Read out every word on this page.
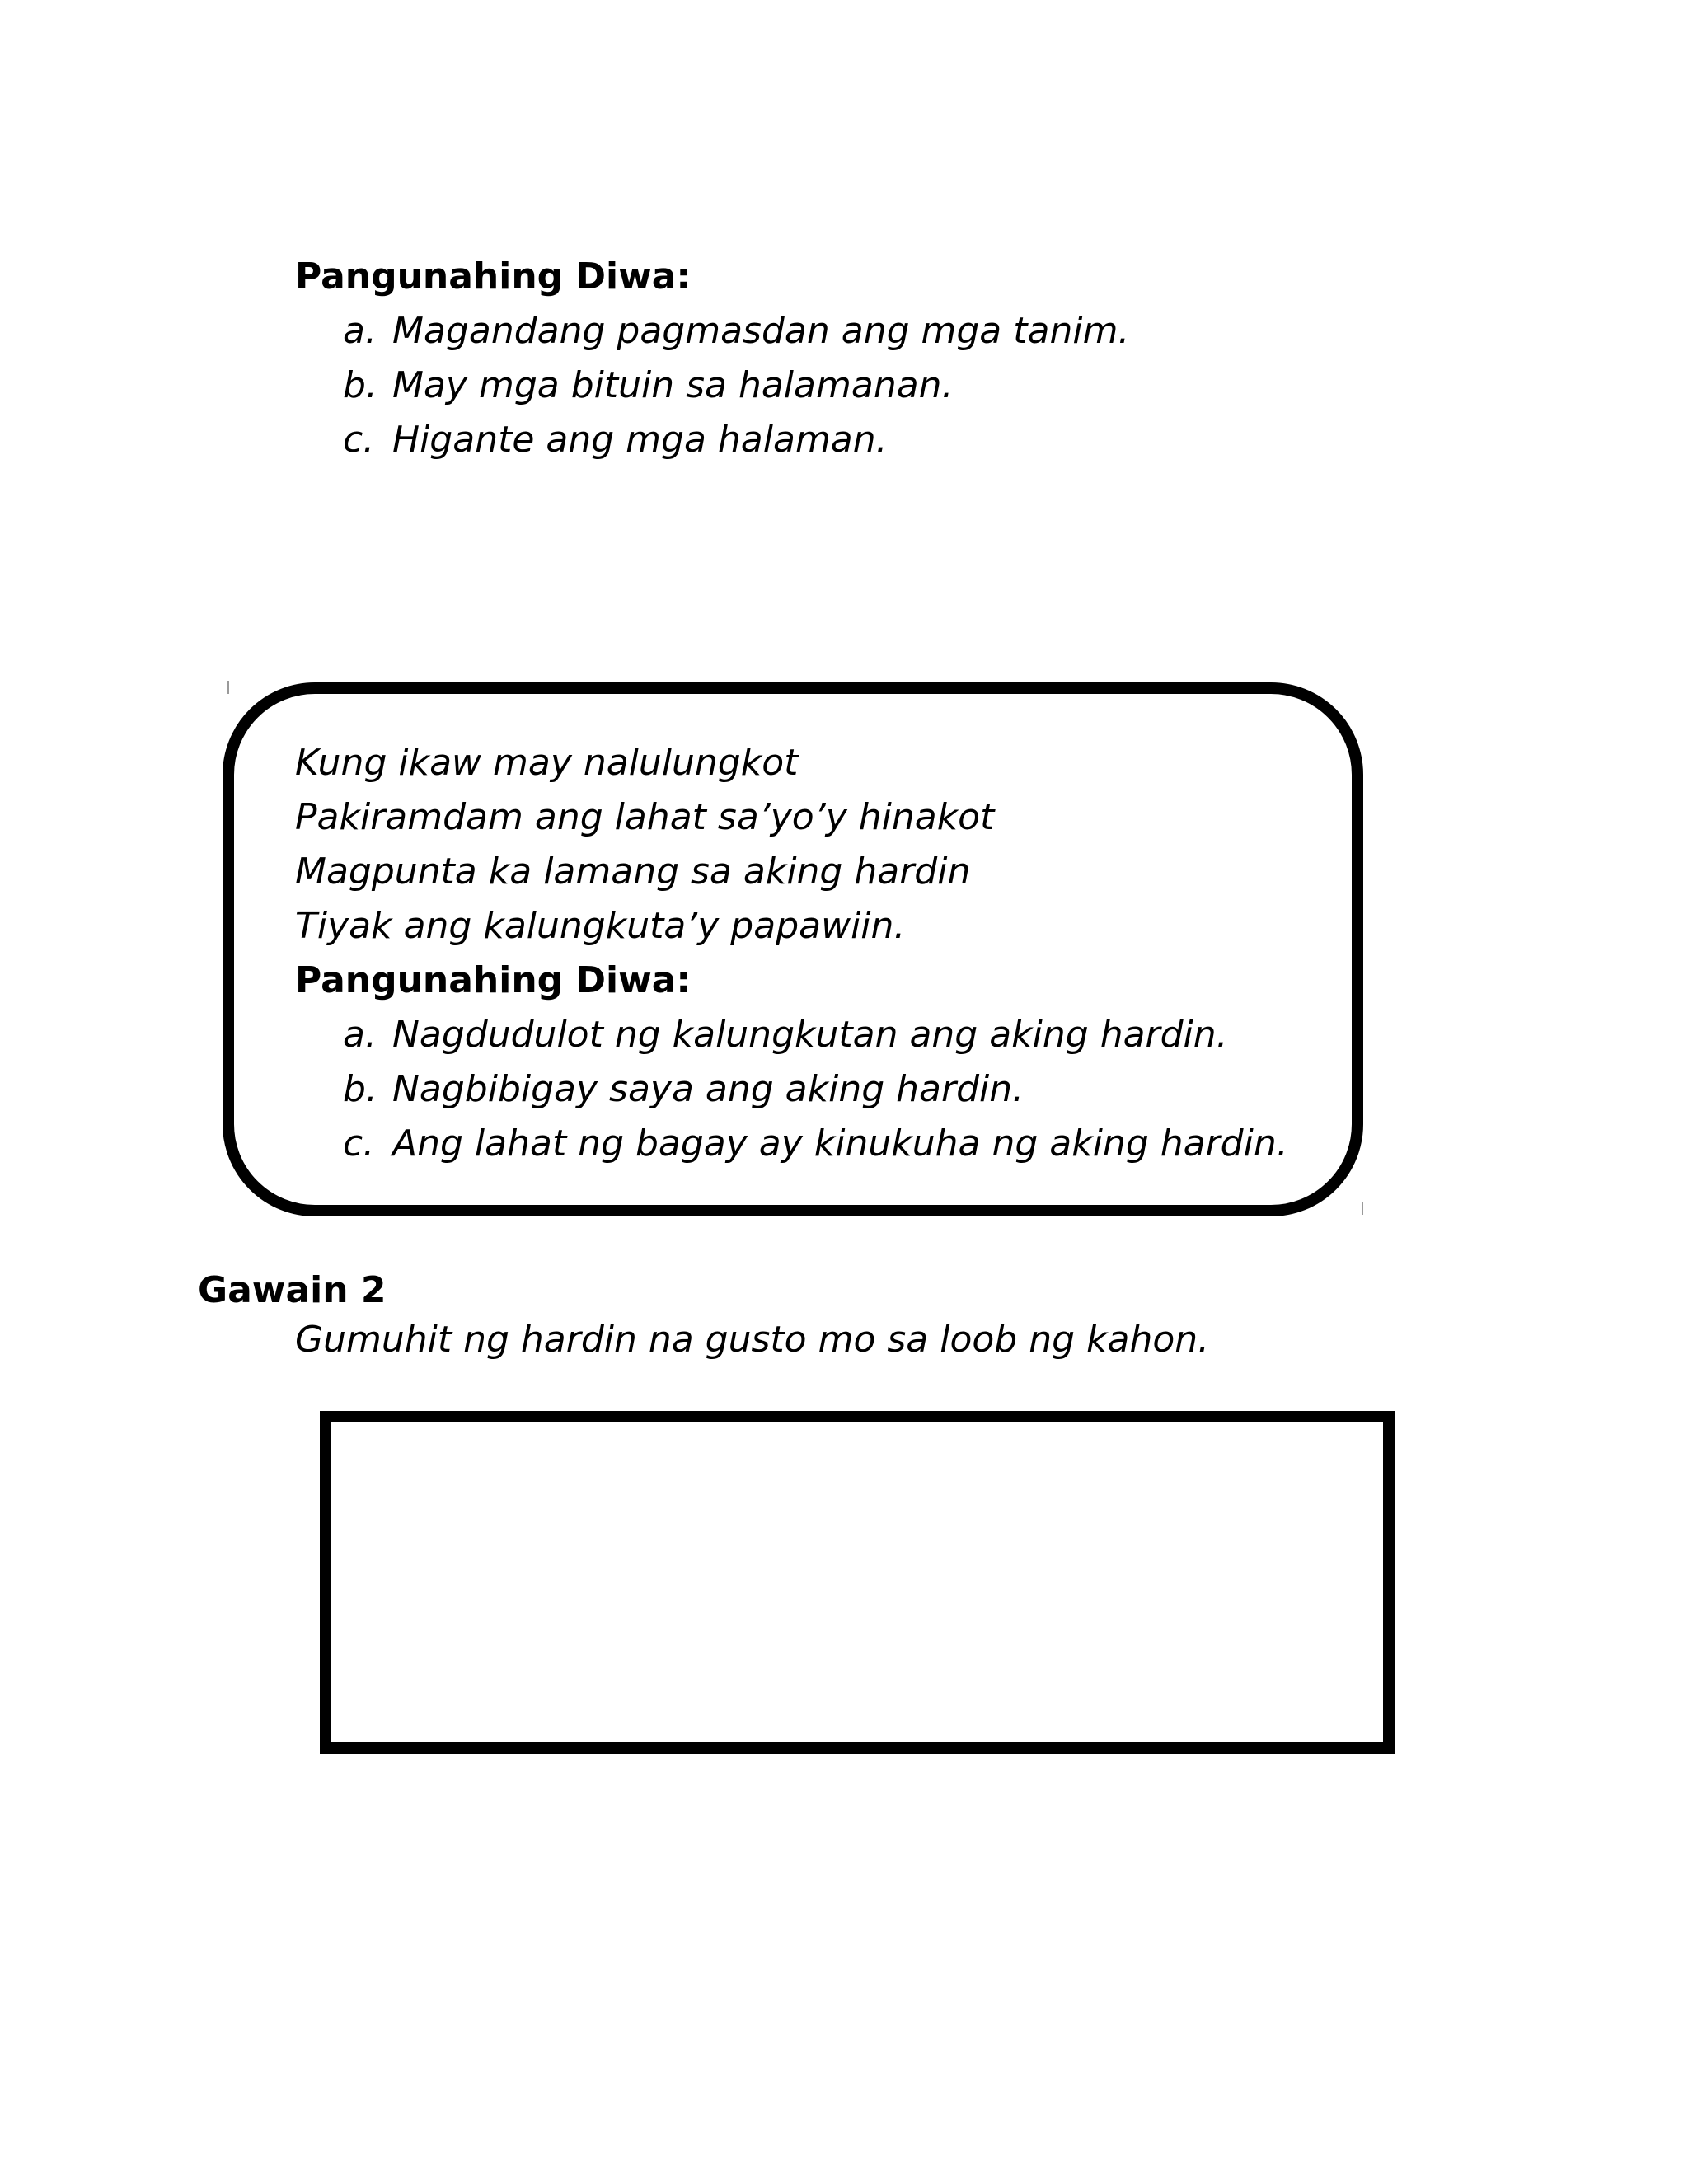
Pangunahing Diwa:
a. Magandang pagmasdan ang mga tanim.
b. May mga bituin sa halamanan.
c. Higante ang mga halaman.
Kung ikaw may nalulungkot
Pakiramdam ang lahat sa’yo’y hinakot
Magpunta ka lamang sa aking hardin
Tiyak ang kalungkuta’y papawiin.
Pangunahing Diwa:
a. Nagdudulot ng kalungkutan ang aking hardin.
b. Nagbibigay saya ang aking hardin.
c. Ang lahat ng bagay ay kinukuha ng aking hardin.
Gawain 2
Gumuhit ng hardin na gusto mo sa loob ng kahon.
